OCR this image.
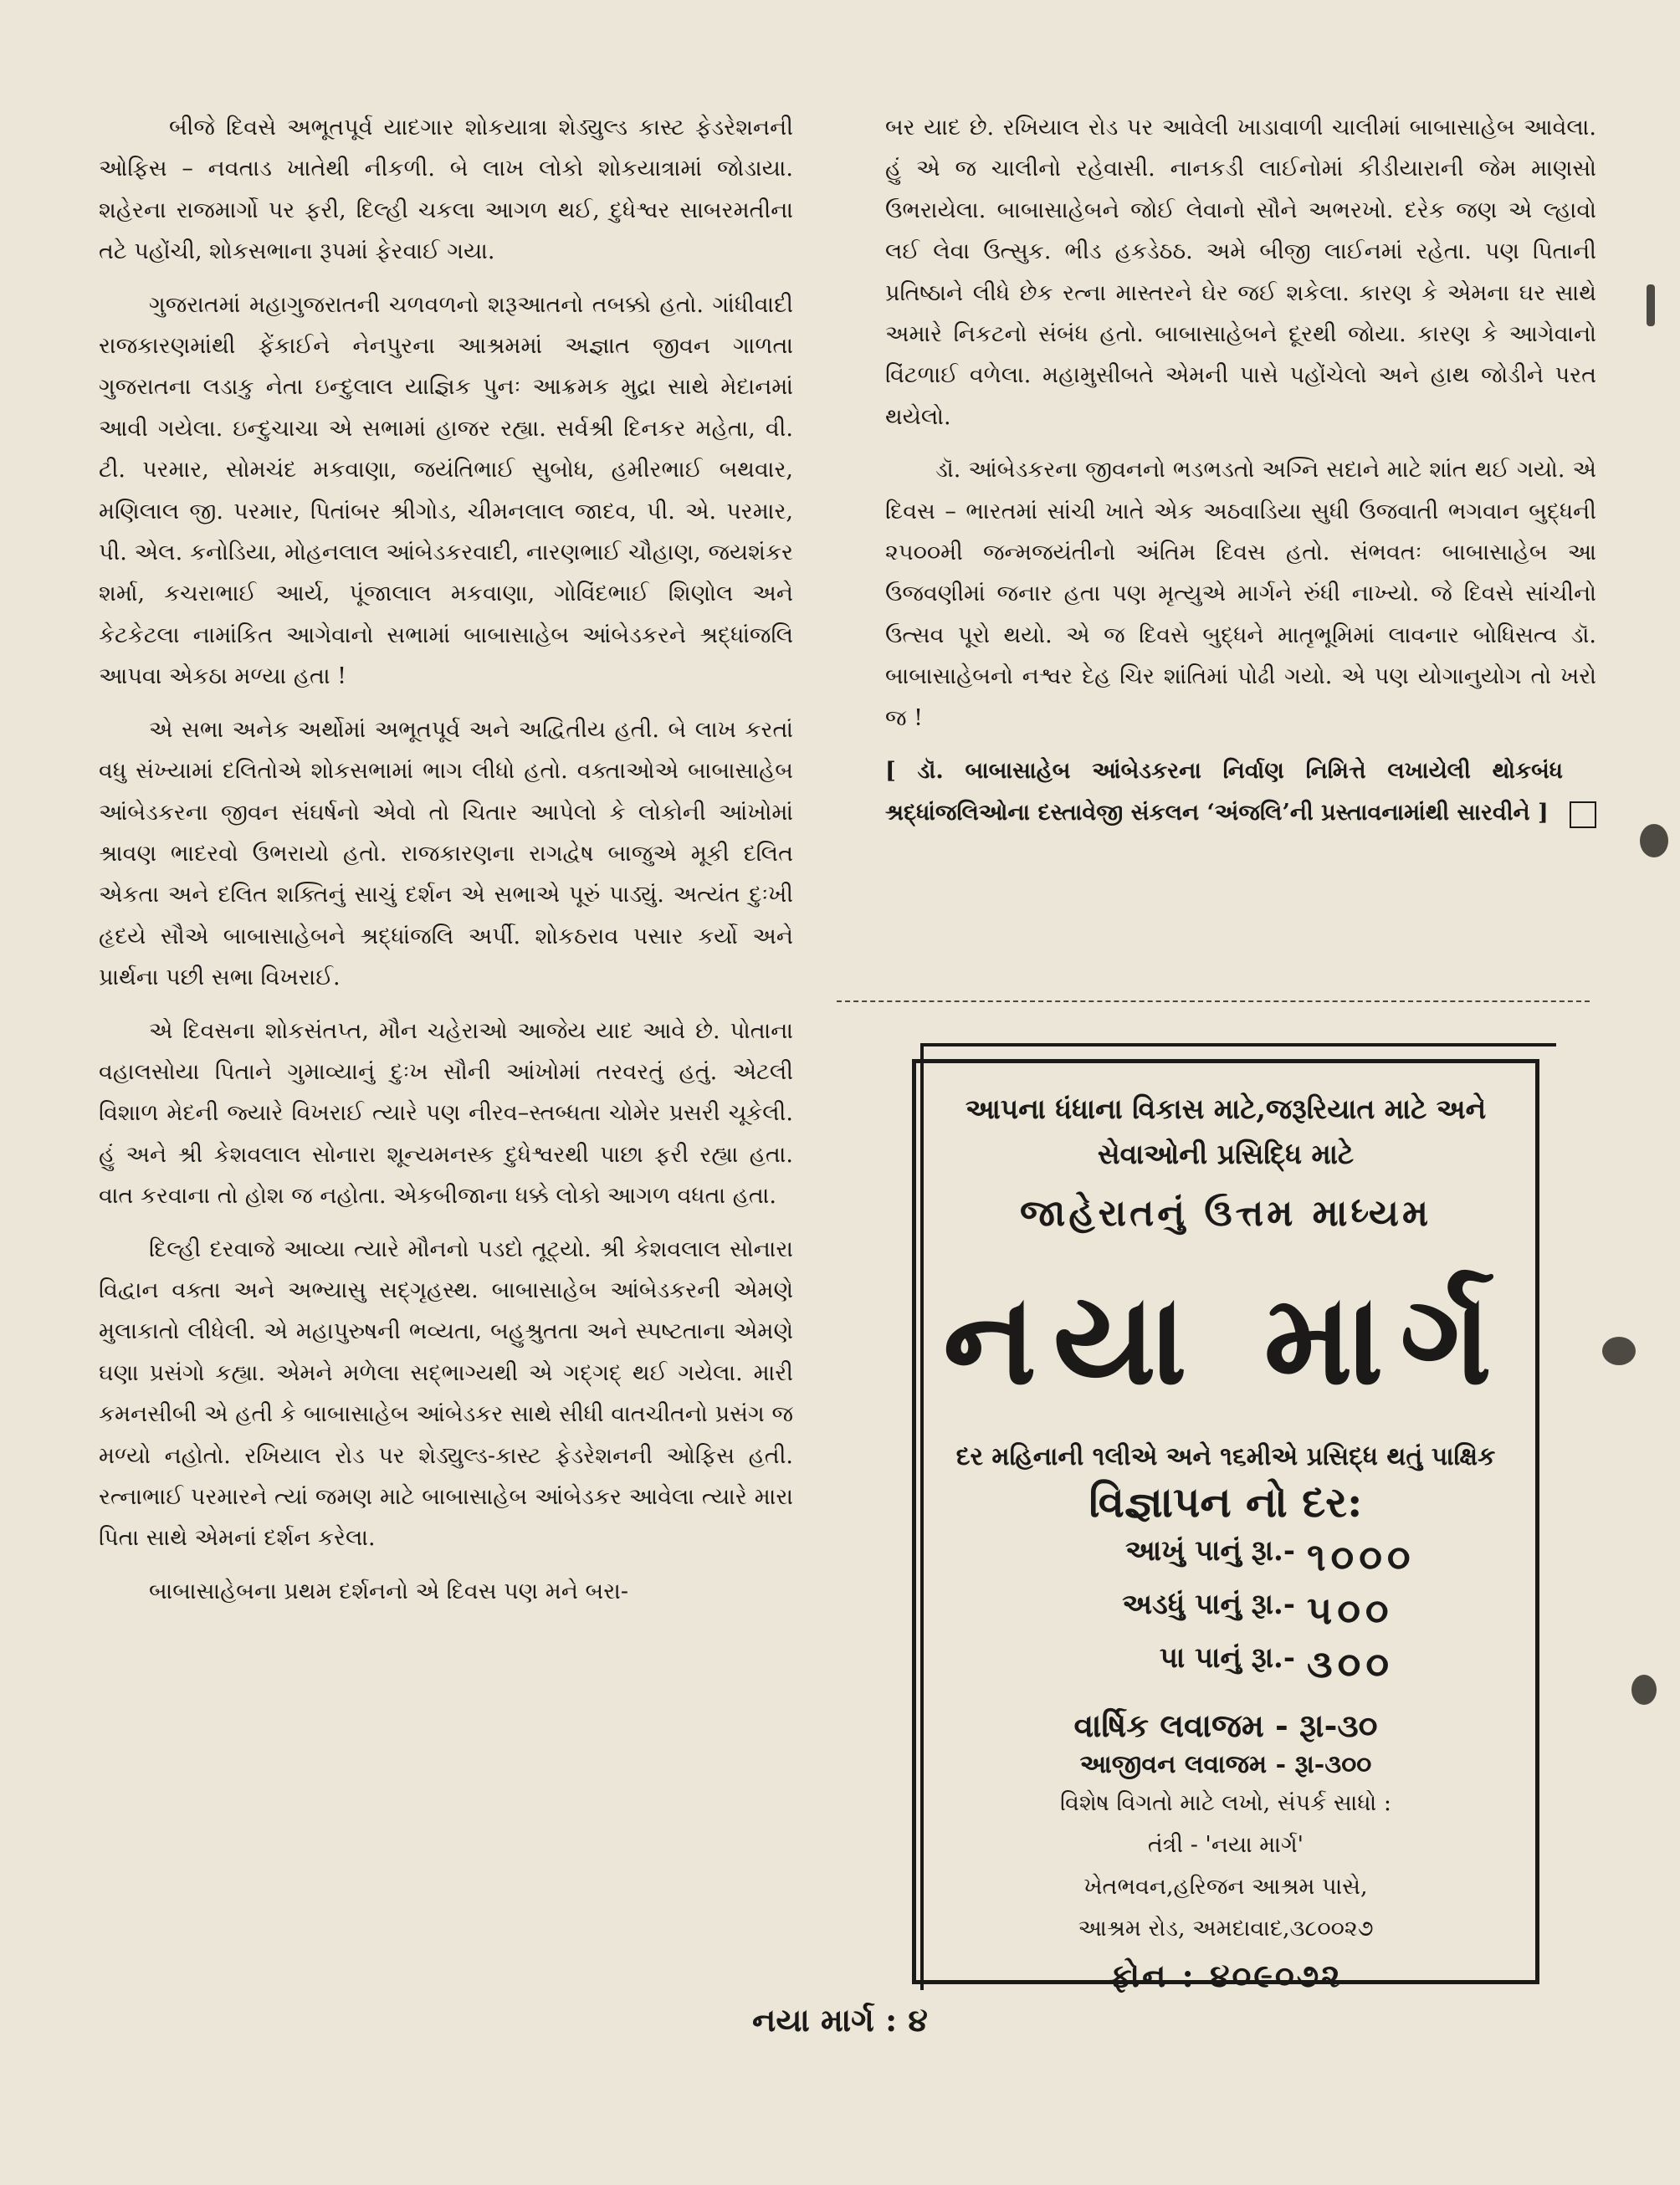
બીજે દિવસે અભૂતપૂર્વ યાદગાર શોકયાત્રા શેડ્યુલ્ડ કાસ્ટ ફેડરેશનની ઓફિસ – નવતાડ ખાતેથી નીકળી. બે લાખ લોકો શોકયાત્રામાં જોડાયા. શહેરના રાજમાર્ગો પર ફરી, દિલ્હી ચકલા આગળ થઈ, દુધેશ્વર સાબરમતીના તટે પહોંચી, શોકસભાના રૂપમાં ફેરવાઈ ગયા.

ગુજરાતમાં મહાગુજરાતની ચળવળનો શરૂઆતનો તબક્કો હતો. ગાંધીવાદી રાજકારણમાંથી ફેંકાઈને નેનપુરના આશ્રમમાં અજ્ઞાત જીવન ગાળતા ગુજરાતના લડાકુ નેતા ઇન્દુલાલ યાજ્ઞિક પુનઃ આક્રમક મુદ્રા સાથે મેદાનમાં આવી ગયેલા. ઇન્દુચાચા એ સભામાં હાજર રહ્યા. સર્વશ્રી દિનકર મહેતા, વી. ટી. પરમાર, સોમચંદ મકવાણા, જયંતિભાઈ સુબોધ, હમીરભાઈ બથવાર, મણિલાલ જી. પરમાર, પિતાંબર શ્રીગોડ, ચીમનલાલ જાદવ, પી. એ. પરમાર, પી. એલ. કનોડિયા, મોહનલાલ આંબેડકરવાદી, નારણભાઈ ચૌહાણ, જયશંકર શર્મા, કચરાભાઈ આર્ય, પૂંજાલાલ મકવાણા, ગોવિંદભાઈ શિણોલ અને કેટકેટલા નામાંકિત આગેવાનો સભામાં બાબાસાહેબ આંબેડકરને શ્રદ્ધાંજલિ આપવા એકઠા મળ્યા હતા !

એ સભા અનેક અર્થોમાં અભૂતપૂર્વ અને અદ્વિતીય હતી. બે લાખ કરતાં વધુ સંખ્યામાં દલિતોએ શોકસભામાં ભાગ લીધો હતો. વક્તાઓએ બાબાસાહેબ આંબેડકરના જીવન સંઘર્ષનો એવો તો ચિતાર આપેલો કે લોકોની આંખોમાં શ્રાવણ ભાદરવો ઉભરાયો હતો. રાજકારણના રાગદ્વેષ બાજુએ મૂકી દલિત એકતા અને દલિત શક્તિનું સાચું દર્શન એ સભાએ પૂરું પાડ્યું. અત્યંત દુઃખી હૃદયે સૌએ બાબાસાહેબને શ્રદ્ધાંજલિ અર્પી. શોકઠરાવ પસાર કર્યો અને પ્રાર્થના પછી સભા વિખરાઈ.

એ દિવસના શોકસંતપ્ત, મૌન ચહેરાઓ આજેય યાદ આવે છે. પોતાના વહાલસોયા પિતાને ગુમાવ્યાનું દુઃખ સૌની આંખોમાં તરવરતું હતું. એટલી વિશાળ મેદની જ્યારે વિખરાઈ ત્યારે પણ નીરવ–સ્તબ્ધતા ચોમેર પ્રસરી ચૂકેલી. હું અને શ્રી કેશવલાલ સોનારા શૂન્યમનસ્ક દુધેશ્વરથી પાછા ફરી રહ્યા હતા. વાત કરવાના તો હોશ જ નહોતા. એકબીજાના ધક્કે લોકો આગળ વધતા હતા.

દિલ્હી દરવાજે આવ્યા ત્યારે મૌનનો પડદો તૂટ્યો. શ્રી કેશવલાલ સોનારા વિદ્વાન વક્તા અને અભ્યાસુ સદ્ગૃહસ્થ. બાબાસાહેબ આંબેડકરની એમણે મુલાકાતો લીધેલી. એ મહાપુરુષની ભવ્યતા, બહુશ્રુતતા અને સ્પષ્ટતાના એમણે ઘણા પ્રસંગો કહ્યા. એમને મળેલા સદ્ભાગ્યથી એ ગદ્ગદ્ થઈ ગયેલા. મારી કમનસીબી એ હતી કે બાબાસાહેબ આંબેડકર સાથે સીધી વાતચીતનો પ્રસંગ જ મળ્યો નહોતો. રખિયાલ રોડ પર શેડ્યુલ્ડ-કાસ્ટ ફેડરેશનની ઓફિસ હતી. રત્નાભાઈ પરમારને ત્યાં જમણ માટે બાબાસાહેબ આંબેડકર આવેલા ત્યારે મારા પિતા સાથે એમનાં દર્શન કરેલા.

બાબાસાહેબના પ્રથમ દર્શનનો એ દિવસ પણ મને બરા-

બર યાદ છે. રખિયાલ રોડ પર આવેલી ખાડાવાળી ચાલીમાં બાબાસાહેબ આવેલા. હું એ જ ચાલીનો રહેવાસી. નાનકડી લાઈનોમાં કીડીયારાની જેમ માણસો ઉભરાયેલા. બાબાસાહેબને જોઈ લેવાનો સૌને અભરખો. દરેક જણ એ લ્હાવો લઈ લેવા ઉત્સુક. ભીડ હકડેઠઠ. અમે બીજી લાઈનમાં રહેતા. પણ પિતાની પ્રતિષ્ઠાને લીધે છેક રત્ના માસ્તરને ઘેર જઈ શકેલા. કારણ કે એમના ઘર સાથે અમારે નિકટનો સંબંધ હતો. બાબાસાહેબને દૂરથી જોયા. કારણ કે આગેવાનો વિંટળાઈ વળેલા. મહામુસીબતે એમની પાસે પહોંચેલો અને હાથ જોડીને પરત થયેલો.

ડૉ. આંબેડકરના જીવનનો ભડભડતો અગ્નિ સદાને માટે શાંત થઈ ગયો. એ દિવસ – ભારતમાં સાંચી ખાતે એક અઠવાડિયા સુધી ઉજવાતી ભગવાન બુદ્ધની ૨૫૦૦મી જન્મજયંતીનો અંતિમ દિવસ હતો. સંભવતઃ બાબાસાહેબ આ ઉજવણીમાં જનાર હતા પણ મૃત્યુએ માર્ગને રુંધી નાખ્યો. જે દિવસે સાંચીનો ઉત્સવ પૂરો થયો. એ જ દિવસે બુદ્ધને માતૃભૂમિમાં લાવનાર બોધિસત્વ ડૉ. બાબાસાહેબનો નશ્વર દેહ ચિર શાંતિમાં પોઢી ગયો. એ પણ યોગાનુયોગ તો ખરો જ !

[ ડૉ. બાબાસાહેબ આંબેડકરના નિર્વાણ નિમિત્તે લખાયેલી થોકબંધ શ્રદ્ધાંજલિઓના દસ્તાવેજી સંકલન ‘અંજલિ’ની પ્રસ્તાવનામાંથી સારવીને ]

આપના ધંધાના વિકાસ માટે,જરૂરિયાત માટે અને સેવાઓની પ્રસિદ્ધિ માટે
જાહેરાતનું ઉત્તમ માધ્યમ
નયા માર્ગ
દર મહિનાની ૧લીએ અને ૧૬મીએ પ્રસિદ્ધ થતું પાક્ષિક
વિજ્ઞાપન નો દર:
આખું પાનું રૂા.- ૧૦૦૦
અડધું પાનું રૂા.- ૫૦૦
પા પાનું રૂા.- ૩૦૦
વાર્ષિક લવાજમ - રૂા-૩૦
આજીવન લવાજમ - રૂા-૩૦૦
વિશેષ વિગતો માટે લખો, સંપર્ક સાધો :
તંત્રી - 'નયા માર્ગ'
ખેતભવન,હરિજન આશ્રમ પાસે,
આશ્રમ રોડ, અમદાવાદ,૩૮૦૦૨૭
ફોન : ૪૦૯૦૭૨
નયા માર્ગ : ૪
